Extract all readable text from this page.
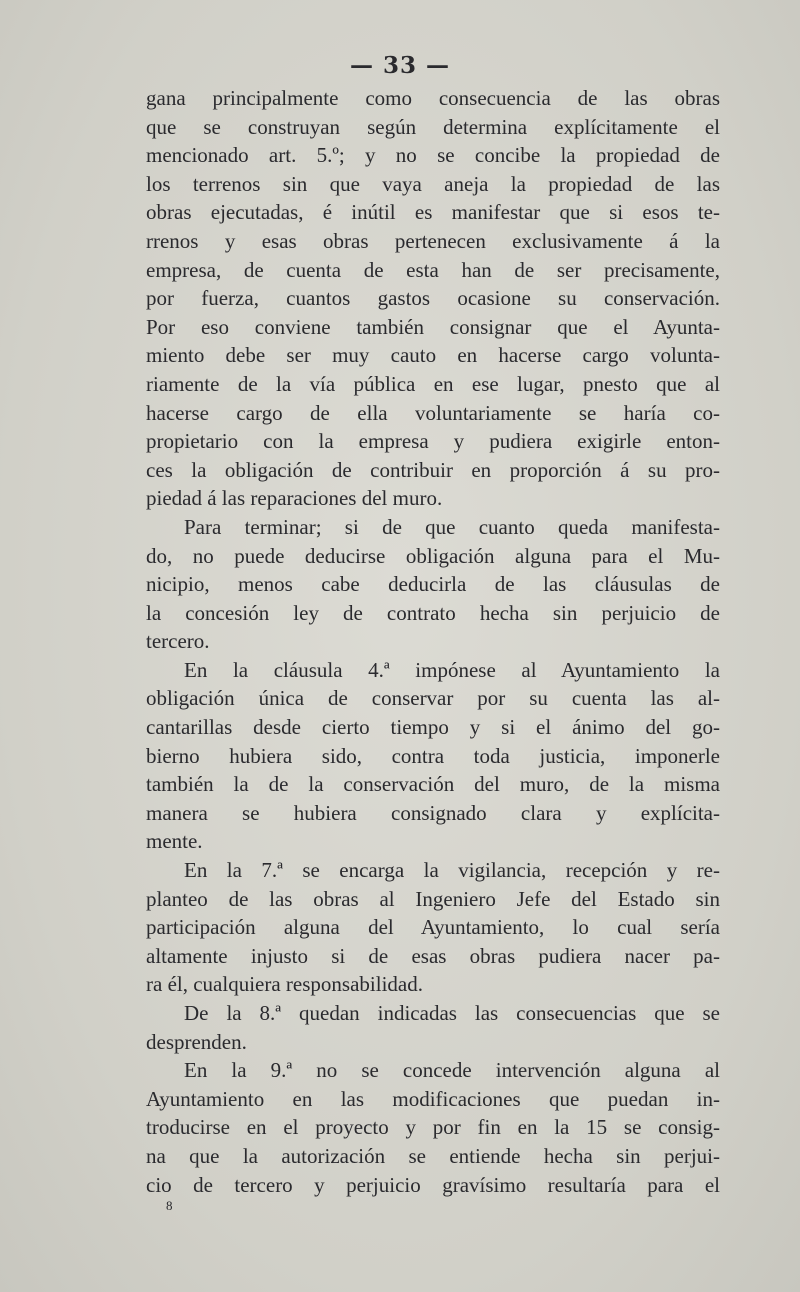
— 33 —
gana principalmente como consecuencia de las obras
que se construyan según determina explícitamente el
mencionado art. 5.º; y no se concibe la propiedad de
los terrenos sin que vaya aneja la propiedad de las
obras ejecutadas, é inútil es manifestar que si esos te-
rrenos y esas obras pertenecen exclusivamente á la
empresa, de cuenta de esta han de ser precisamente,
por fuerza, cuantos gastos ocasione su conservación.
Por eso conviene también consignar que el Ayunta-
miento debe ser muy cauto en hacerse cargo volunta-
riamente de la vía pública en ese lugar, pnesto que al
hacerse cargo de ella voluntariamente se haría co-
propietario con la empresa y pudiera exigirle enton-
ces la obligación de contribuir en proporción á su pro-
piedad á las reparaciones del muro.
Para terminar; si de que cuanto queda manifesta-
do, no puede deducirse obligación alguna para el Mu-
nicipio, menos cabe deducirla de las cláusulas de
la concesión ley de contrato hecha sin perjuicio de
tercero.
En la cláusula 4.ª impónese al Ayuntamiento la
obligación única de conservar por su cuenta las al-
cantarillas desde cierto tiempo y si el ánimo del go-
bierno hubiera sido, contra toda justicia, imponerle
también la de la conservación del muro, de la misma
manera se hubiera consignado clara y explícita-
mente.
En la 7.ª se encarga la vigilancia, recepción y re-
planteo de las obras al Ingeniero Jefe del Estado sin
participación alguna del Ayuntamiento, lo cual sería
altamente injusto si de esas obras pudiera nacer pa-
ra él, cualquiera responsabilidad.
De la 8.ª quedan indicadas las consecuencias que se
desprenden.
En la 9.ª no se concede intervención alguna al
Ayuntamiento en las modificaciones que puedan in-
troducirse en el proyecto y por fin en la 15 se consig-
na que la autorización se entiende hecha sin perjui-
cio de tercero y perjuicio gravísimo resultaría para el
8
